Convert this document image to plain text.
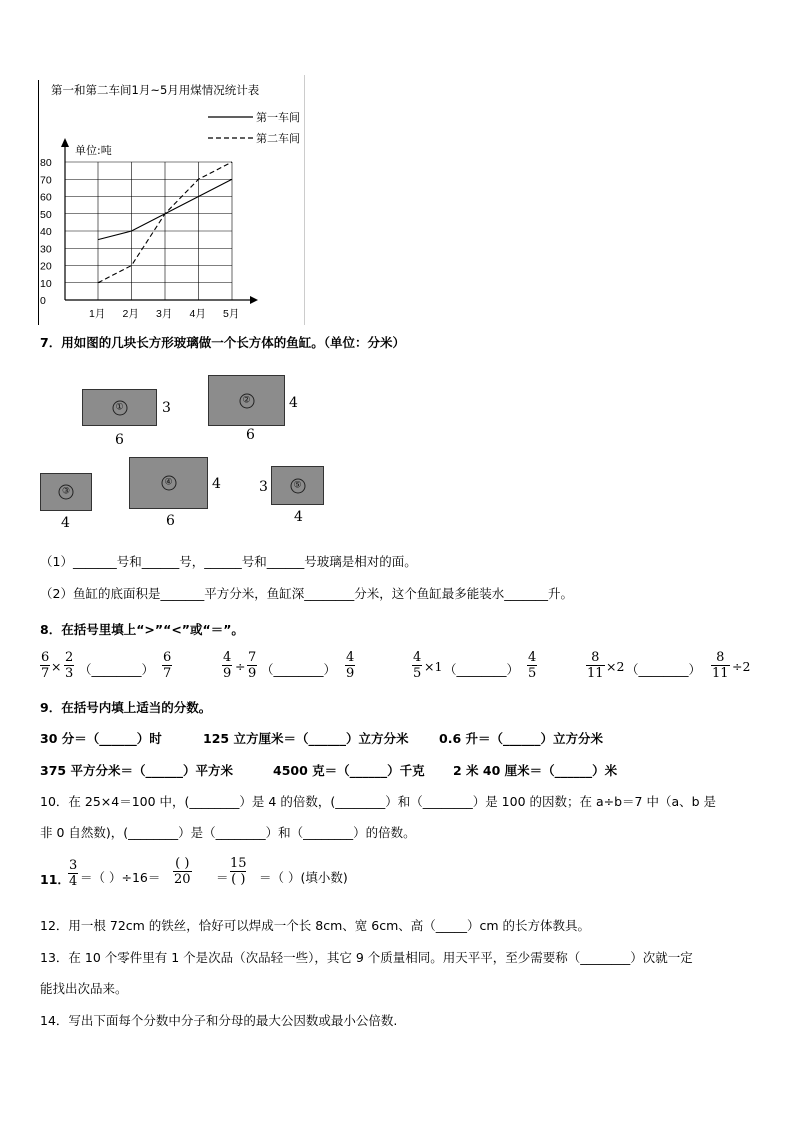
第一和第二车间1月~5月用煤情况统计表
0
10
20
30
40
50
60
70
80
1月 2月 3月 4月 5月
单位:吨
第一车间
第二车间
7．用如图的几块长方形玻璃做一个长方体的鱼缸。（单位：分米）
①	3
6
②	4
6
③
4
④	4
6
⑤
3
4
（1）_______号和______号，______号和______号玻璃是相对的面。
（2）鱼缸的底面积是_______平方分米，鱼缸深________分米，这个鱼缸最多能装水_______升。
8．在括号里填上“>”“<”或“＝”。
$\frac{6}{7} \times \frac{2}{3}$ （________） $\frac{6}{7}$	$\frac{4}{9} \div \frac{7}{9}$ （________） $\frac{4}{9}$	$\frac{4}{5} \times 1$ （________） $\frac{4}{5}$	$\frac{8}{11} \times 2$ （________） $\frac{8}{11} \div 2$
9．在括号内填上适当的分数。
30 分＝（______）时	125 立方厘米＝（______）立方分米 0.6 升＝（______）立方分米
375 平方分米＝（______）平方米	4500 克＝（______）千克 2 米 40 厘米＝（______）米
10．在 25×4＝100 中，(________）是 4 的倍数，(________）和（________）是 100 的因数；在 a÷b＝7 中（a、b 是
非 0 自然数)，(________）是（________）和（________）的倍数。
11．
$\frac{3}{4}$ ＝（ ）÷16＝
( )
20 ＝
15
( ) ＝（ ）(填小数)
12．用一根 72cm 的铁丝，恰好可以焊成一个长 8cm、宽 6cm、高（_____）cm 的长方体教具。
13．在 10 个零件里有 1 个是次品（次品轻一些），其它 9 个质量相同。用天平平，至少需要称（________）次就一定
能找出次品来。
14．写出下面每个分数中分子和分母的最大公因数或最小公倍数.
